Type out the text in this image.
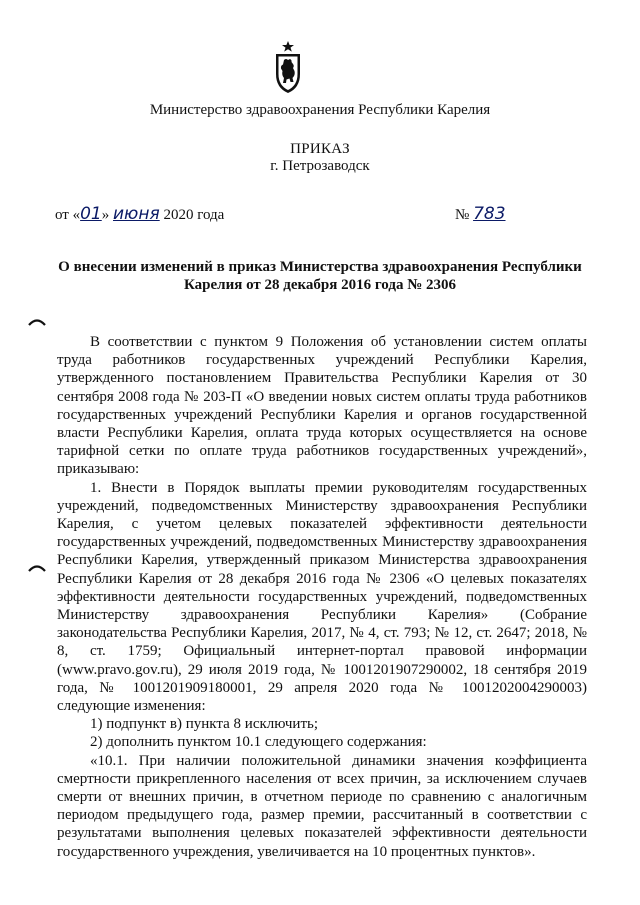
Министерство здравоохранения Республики Карелия
ПРИКАЗ
г. Петрозаводск
от «01» июня 2020 года	№ 783
О внесении изменений в приказ Министерства здравоохранения Республики Карелия от 28 декабря 2016 года № 2306

В соответствии с пунктом 9 Положения об установлении систем оплаты труда работников государственных учреждений Республики Карелия, утвержденного постановлением Правительства Республики Карелия от 30 сентября 2008 года № 203-П «О введении новых систем оплаты труда работников государственных учреждений Республики Карелия и органов государственной власти Республики Карелия, оплата труда которых осуществляется на основе тарифной сетки по оплате труда работников государственных учреждений», приказываю:

1. Внести в Порядок выплаты премии руководителям государственных учреждений, подведомственных Министерству здравоохранения Республики Карелия, с учетом целевых показателей эффективности деятельности государственных учреждений, подведомственных Министерству здравоохранения Республики Карелия, утвержденный приказом Министерства здравоохранения Республики Карелия от 28 декабря 2016 года № 2306 «О целевых показателях эффективности деятельности государственных учреждений, подведомственных Министерству здравоохранения Республики Карелия» (Собрание законодательства Республики Карелия, 2017, № 4, ст. 793; № 12, ст. 2647; 2018, № 8, ст. 1759; Официальный интернет-портал правовой информации (www.pravo.gov.ru), 29 июля 2019 года, № 1001201907290002, 18 сентября 2019 года, № 1001201909180001, 29 апреля 2020 года № 1001202004290003) следующие изменения:

1) подпункт в) пункта 8 исключить;

2) дополнить пунктом 10.1 следующего содержания:

«10.1. При наличии положительной динамики значения коэффициента смертности прикрепленного населения от всех причин, за исключением случаев смерти от внешних причин, в отчетном периоде по сравнению с аналогичным периодом предыдущего года, размер премии, рассчитанный в соответствии с результатами выполнения целевых показателей эффективности деятельности государственного учреждения, увеличивается на 10 процентных пунктов».
